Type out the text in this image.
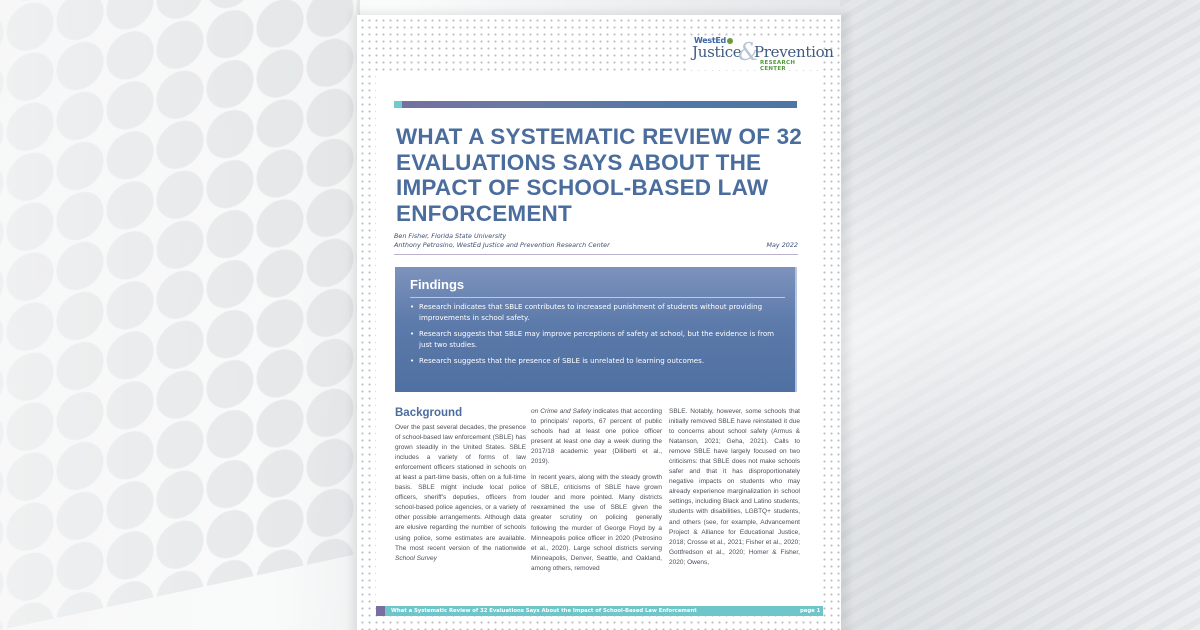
WestEd
Justice
&
Prevention
RESEARCH CENTER
WHAT A SYSTEMATIC REVIEW OF 32 EVALUATIONS SAYS ABOUT THE IMPACT OF SCHOOL-BASED LAW ENFORCEMENT
Ben Fisher, Florida State University
Anthony Petrosino, WestEd Justice and Prevention Research Center	May 2022
Findings
• Research indicates that SBLE contributes to increased punishment of students without providing improvements in school safety.
• Research suggests that SBLE may improve perceptions of safety at school, but the evidence is from just two studies.
• Research suggests that the presence of SBLE is unrelated to learning outcomes.
Background

Over the past several decades, the presence of school-based law enforcement (SBLE) has grown steadily in the United States. SBLE includes a variety of forms of law enforcement officers stationed in schools on at least a part-time basis, often on a full-time basis. SBLE might include local police officers, sheriff's deputies, officers from school-based police agencies, or a variety of other possible arrangements. Although data are elusive regarding the number of schools using police, some estimates are available. The most recent version of the nationwide School Survey

on Crime and Safety indicates that according to principals' reports, 67 percent of public schools had at least one police officer present at least one day a week during the 2017/18 academic year (Diliberti et al., 2019).

In recent years, along with the steady growth of SBLE, criticisms of SBLE have grown louder and more pointed. Many districts reexamined the use of SBLE given the greater scrutiny on policing generally following the murder of George Floyd by a Minneapolis police officer in 2020 (Petrosino et al., 2020). Large school districts serving Minneapolis, Denver, Seattle, and Oakland, among others, removed

SBLE. Notably, however, some schools that initially removed SBLE have reinstated it due to concerns about school safety (Armus & Natanson, 2021; Geha, 2021). Calls to remove SBLE have largely focused on two criticisms: that SBLE does not make schools safer and that it has disproportionately negative impacts on students who may already experience marginalization in school settings, including Black and Latino students, students with disabilities, LGBTQ+ students, and others (see, for example, Advancement Project & Alliance for Educational Justice, 2018; Crosse et al., 2021; Fisher et al., 2020; Gottfredson et al., 2020; Homer & Fisher, 2020; Owens,

What a Systematic Review of 32 Evaluations Says About the Impact of School-Based Law Enforcement	page 1
